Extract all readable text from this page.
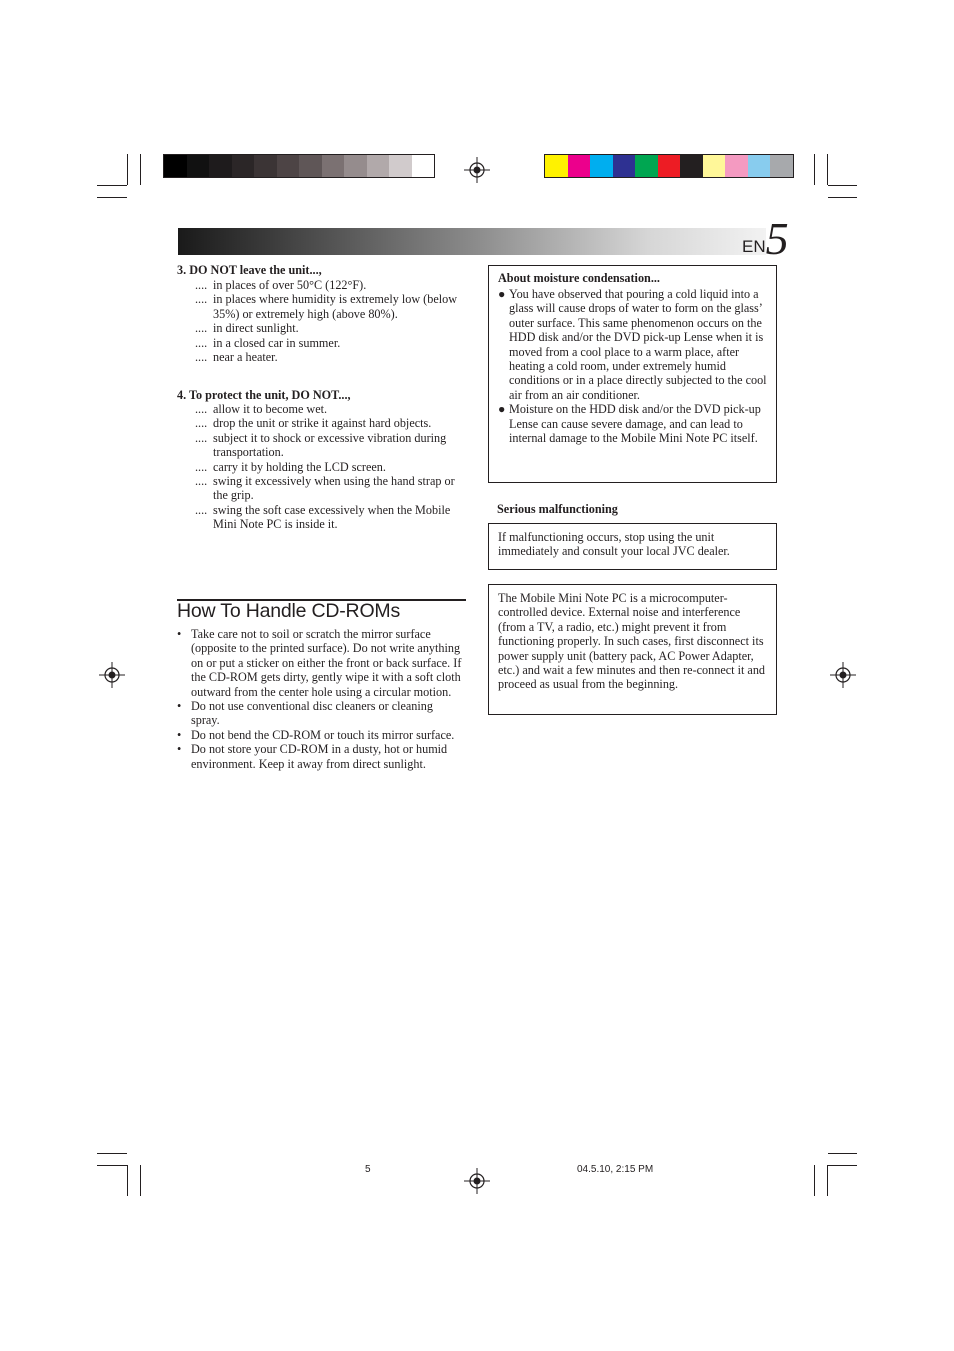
EN 5
3. DO NOT leave the unit...,
.... in places of over 50°C (122°F).
.... in places where humidity is extremely low (below 35%) or extremely high (above 80%).
.... in direct sunlight.
.... in a closed car in summer.
.... near a heater.
4. To protect the unit, DO NOT...,
.... allow it to become wet.
.... drop the unit or strike it against hard objects.
.... subject it to shock or excessive vibration during transportation.
.... carry it by holding the LCD screen.
.... swing it excessively when using the hand strap or the grip.
.... swing the soft case excessively when the Mobile Mini Note PC is inside it.
How To Handle CD-ROMs
• Take care not to soil or scratch the mirror surface (opposite to the printed surface). Do not write anything on or put a sticker on either the front or back surface. If the CD-ROM gets dirty, gently wipe it with a soft cloth outward from the center hole using a circular motion.
• Do not use conventional disc cleaners or cleaning spray.
• Do not bend the CD-ROM or touch its mirror surface.
• Do not store your CD-ROM in a dusty, hot or humid environment. Keep it away from direct sunlight.
About moisture condensation...
● You have observed that pouring a cold liquid into a glass will cause drops of water to form on the glass’ outer surface. This same phenomenon occurs on the HDD disk and/or the DVD pick-up Lense when it is moved from a cool place to a warm place, after heating a cold room, under extremely humid conditions or in a place directly subjected to the cool air from an air conditioner.
● Moisture on the HDD disk and/or the DVD pick-up Lense can cause severe damage, and can lead to internal damage to the Mobile Mini Note PC itself.
Serious malfunctioning
If malfunctioning occurs, stop using the unit immediately and consult your local JVC dealer.
The Mobile Mini Note PC is a microcomputer-controlled device. External noise and interference (from a TV, a radio, etc.) might prevent it from functioning properly. In such cases, first disconnect its power supply unit (battery pack, AC Power Adapter, etc.) and wait a few minutes and then re-connect it and proceed as usual from the beginning.
5	04.5.10, 2:15 PM
